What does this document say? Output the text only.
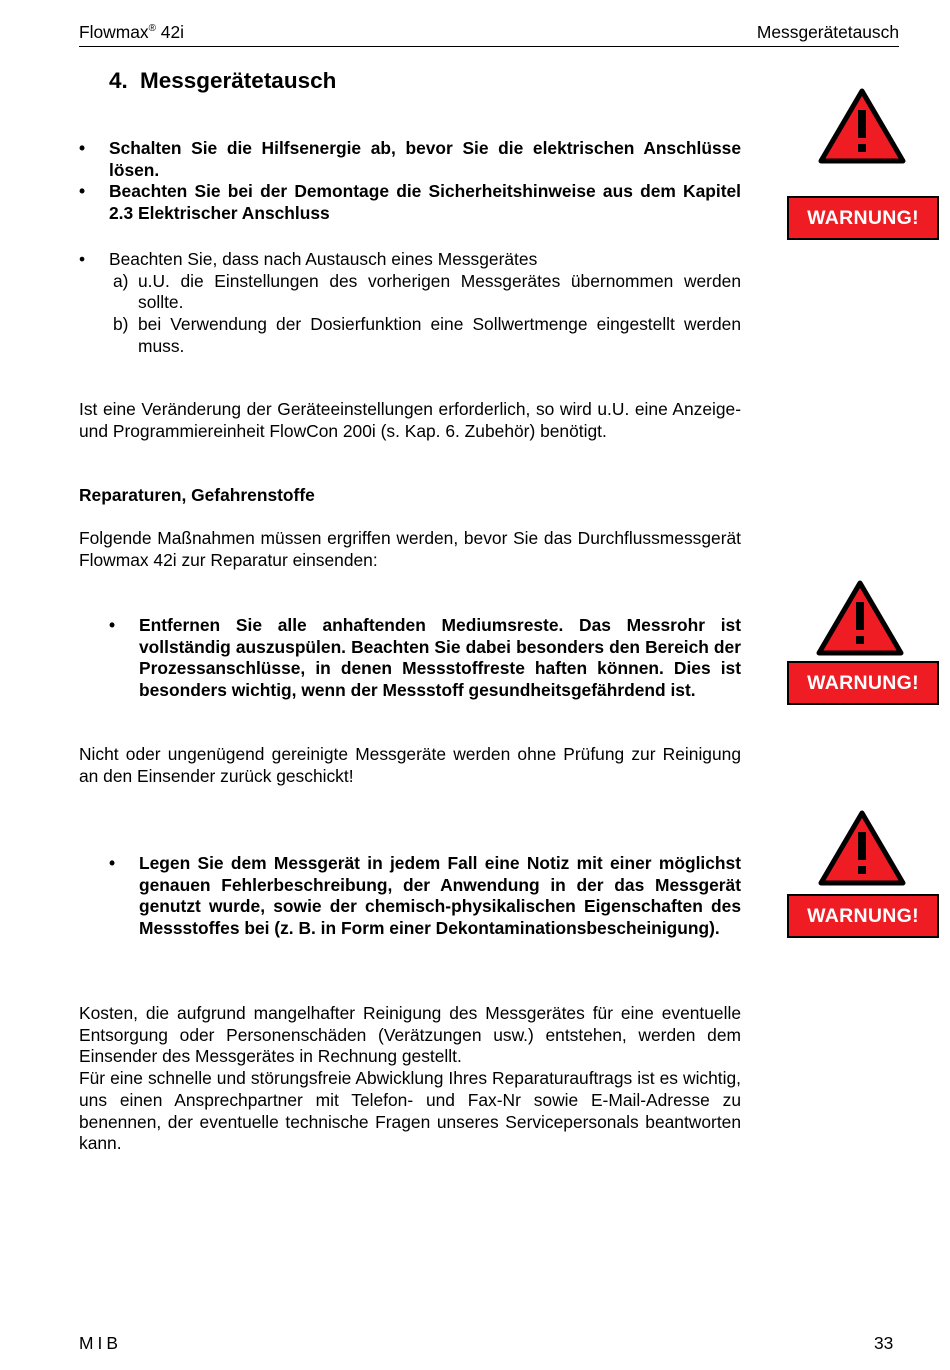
Flowmax® 42i	Messgerätetausch
4. Messgerätetausch
• Schalten Sie die Hilfsenergie ab, bevor Sie die elektrischen Anschlüsse lösen.
• Beachten Sie bei der Demontage die Sicherheitshinweise aus dem Kapitel 2.3 Elektrischer Anschluss
• Beachten Sie, dass nach Austausch eines Messgerätes
a) u.U. die Einstellungen des vorherigen Messgerätes übernommen werden sollte.
b) bei Verwendung der Dosierfunktion eine Sollwertmenge eingestellt werden muss.
Ist eine Veränderung der Geräteeinstellungen erforderlich, so wird u.U. eine Anzeige- und Programmiereinheit FlowCon 200i (s. Kap. 6. Zubehör) benötigt.
Reparaturen, Gefahrenstoffe
Folgende Maßnahmen müssen ergriffen werden, bevor Sie das Durchflussmessgerät Flowmax 42i zur Reparatur einsenden:
• Entfernen Sie alle anhaftenden Mediumsreste. Das Messrohr ist vollständig auszuspülen. Beachten Sie dabei besonders den Bereich der Prozessanschlüsse, in denen Messstoffreste haften können. Dies ist besonders wichtig, wenn der Messstoff gesundheitsgefährdend ist.
Nicht oder ungenügend gereinigte Messgeräte werden ohne Prüfung zur Reinigung an den Einsender zurück geschickt!
• Legen Sie dem Messgerät in jedem Fall eine Notiz mit einer möglichst genauen Fehlerbeschreibung, der Anwendung in der das Messgerät genutzt wurde, sowie der chemisch-physikalischen Eigenschaften des Messstoffes bei (z. B. in Form einer Dekontaminationsbescheinigung).
Kosten, die aufgrund mangelhafter Reinigung des Messgerätes für eine eventuelle Entsorgung oder Personenschäden (Verätzungen usw.) entstehen, werden dem Einsender des Messgerätes in Rechnung gestellt.
Für eine schnelle und störungsfreie Abwicklung Ihres Reparaturauftrags ist es wichtig, uns einen Ansprechpartner mit Telefon- und Fax-Nr sowie E-Mail-Adresse zu benennen, der eventuelle technische Fragen unseres Servicepersonals beantworten kann.
WARNUNG!
WARNUNG!
WARNUNG!
MIB	33
